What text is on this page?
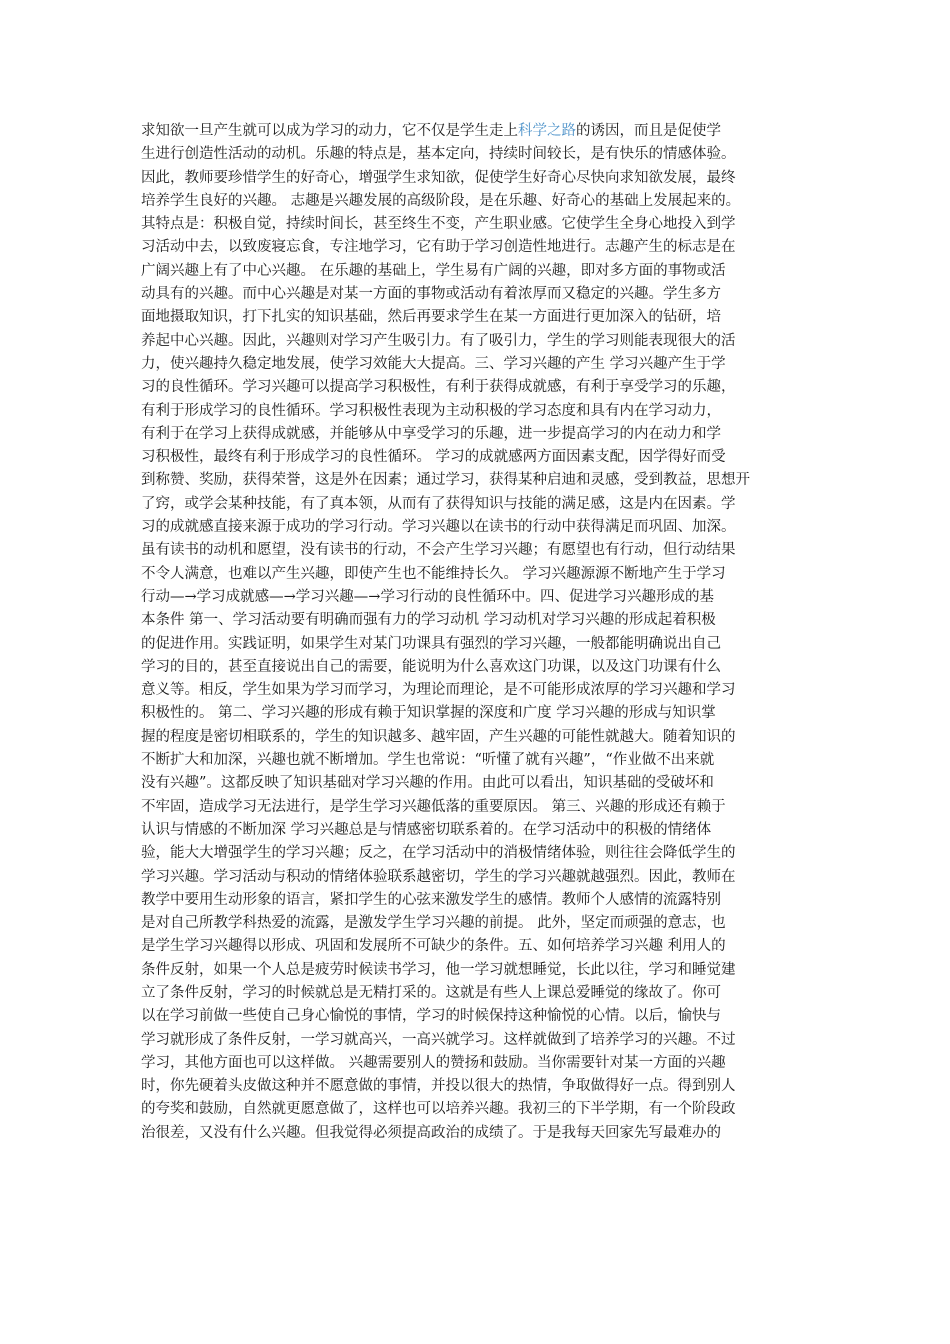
求知欲一旦产生就可以成为学习的动力，它不仅是学生走上科学之路的诱因，而且是促使学
生进行创造性活动的动机。乐趣的特点是，基本定向，持续时间较长，是有快乐的情感体验。
因此，教师要珍惜学生的好奇心，增强学生求知欲，促使学生好奇心尽快向求知欲发展，最终
培养学生良好的兴趣。 志趣是兴趣发展的高级阶段，是在乐趣、好奇心的基础上发展起来的。
其特点是：积极自觉，持续时间长，甚至终生不变，产生职业感。它使学生全身心地投入到学
习活动中去，以致废寝忘食，专注地学习，它有助于学习创造性地进行。志趣产生的标志是在
广阔兴趣上有了中心兴趣。 在乐趣的基础上，学生易有广阔的兴趣，即对多方面的事物或活
动具有的兴趣。而中心兴趣是对某一方面的事物或活动有着浓厚而又稳定的兴趣。学生多方
面地摄取知识，打下扎实的知识基础，然后再要求学生在某一方面进行更加深入的钻研，培
养起中心兴趣。因此，兴趣则对学习产生吸引力。有了吸引力，学生的学习则能表现很大的活
力，使兴趣持久稳定地发展，使学习效能大大提高。三、学习兴趣的产生 学习兴趣产生于学
习的良性循环。学习兴趣可以提高学习积极性，有利于获得成就感，有利于享受学习的乐趣，
有利于形成学习的良性循环。学习积极性表现为主动积极的学习态度和具有内在学习动力，
有利于在学习上获得成就感，并能够从中享受学习的乐趣，进一步提高学习的内在动力和学
习积极性，最终有利于形成学习的良性循环。 学习的成就感两方面因素支配，因学得好而受
到称赞、奖励，获得荣誉，这是外在因素；通过学习，获得某种启迪和灵感，受到教益，思想开
了窍，或学会某种技能，有了真本领，从而有了获得知识与技能的满足感，这是内在因素。学
习的成就感直接来源于成功的学习行动。学习兴趣以在读书的行动中获得满足而巩固、加深。
虽有读书的动机和愿望，没有读书的行动，不会产生学习兴趣；有愿望也有行动，但行动结果
不令人满意，也难以产生兴趣，即使产生也不能维持长久。 学习兴趣源源不断地产生于学习
行动—→学习成就感—→学习兴趣—→学习行动的良性循环中。四、促进学习兴趣形成的基
本条件 第一、学习活动要有明确而强有力的学习动机 学习动机对学习兴趣的形成起着积极
的促进作用。实践证明，如果学生对某门功课具有强烈的学习兴趣，一般都能明确说出自己
学习的目的，甚至直接说出自己的需要，能说明为什么喜欢这门功课，以及这门功课有什么
意义等。相反，学生如果为学习而学习，为理论而理论，是不可能形成浓厚的学习兴趣和学习
积极性的。 第二、学习兴趣的形成有赖于知识掌握的深度和广度 学习兴趣的形成与知识掌
握的程度是密切相联系的，学生的知识越多、越牢固，产生兴趣的可能性就越大。随着知识的
不断扩大和加深，兴趣也就不断增加。学生也常说：“听懂了就有兴趣”，“作业做不出来就
没有兴趣”。这都反映了知识基础对学习兴趣的作用。由此可以看出，知识基础的受破坏和
不牢固，造成学习无法进行，是学生学习兴趣低落的重要原因。 第三、兴趣的形成还有赖于
认识与情感的不断加深 学习兴趣总是与情感密切联系着的。在学习活动中的积极的情绪体
验，能大大增强学生的学习兴趣；反之，在学习活动中的消极情绪体验，则往往会降低学生的
学习兴趣。学习活动与积动的情绪体验联系越密切，学生的学习兴趣就越强烈。因此，教师在
教学中要用生动形象的语言，紧扣学生的心弦来激发学生的感情。教师个人感情的流露特别
是对自己所教学科热爱的流露，是激发学生学习兴趣的前提。 此外，坚定而顽强的意志，也
是学生学习兴趣得以形成、巩固和发展所不可缺少的条件。五、如何培养学习兴趣 利用人的
条件反射，如果一个人总是疲劳时候读书学习，他一学习就想睡觉，长此以往，学习和睡觉建
立了条件反射，学习的时候就总是无精打采的。这就是有些人上课总爱睡觉的缘故了。你可
以在学习前做一些使自己身心愉悦的事情，学习的时候保持这种愉悦的心情。以后，愉快与
学习就形成了条件反射，一学习就高兴，一高兴就学习。这样就做到了培养学习的兴趣。不过
学习，其他方面也可以这样做。 兴趣需要别人的赞扬和鼓励。当你需要针对某一方面的兴趣
时，你先硬着头皮做这种并不愿意做的事情，并投以很大的热情，争取做得好一点。得到别人
的夸奖和鼓励，自然就更愿意做了，这样也可以培养兴趣。我初三的下半学期，有一个阶段政
治很差，又没有什么兴趣。但我觉得必须提高政治的成绩了。于是我每天回家先写最难办的
